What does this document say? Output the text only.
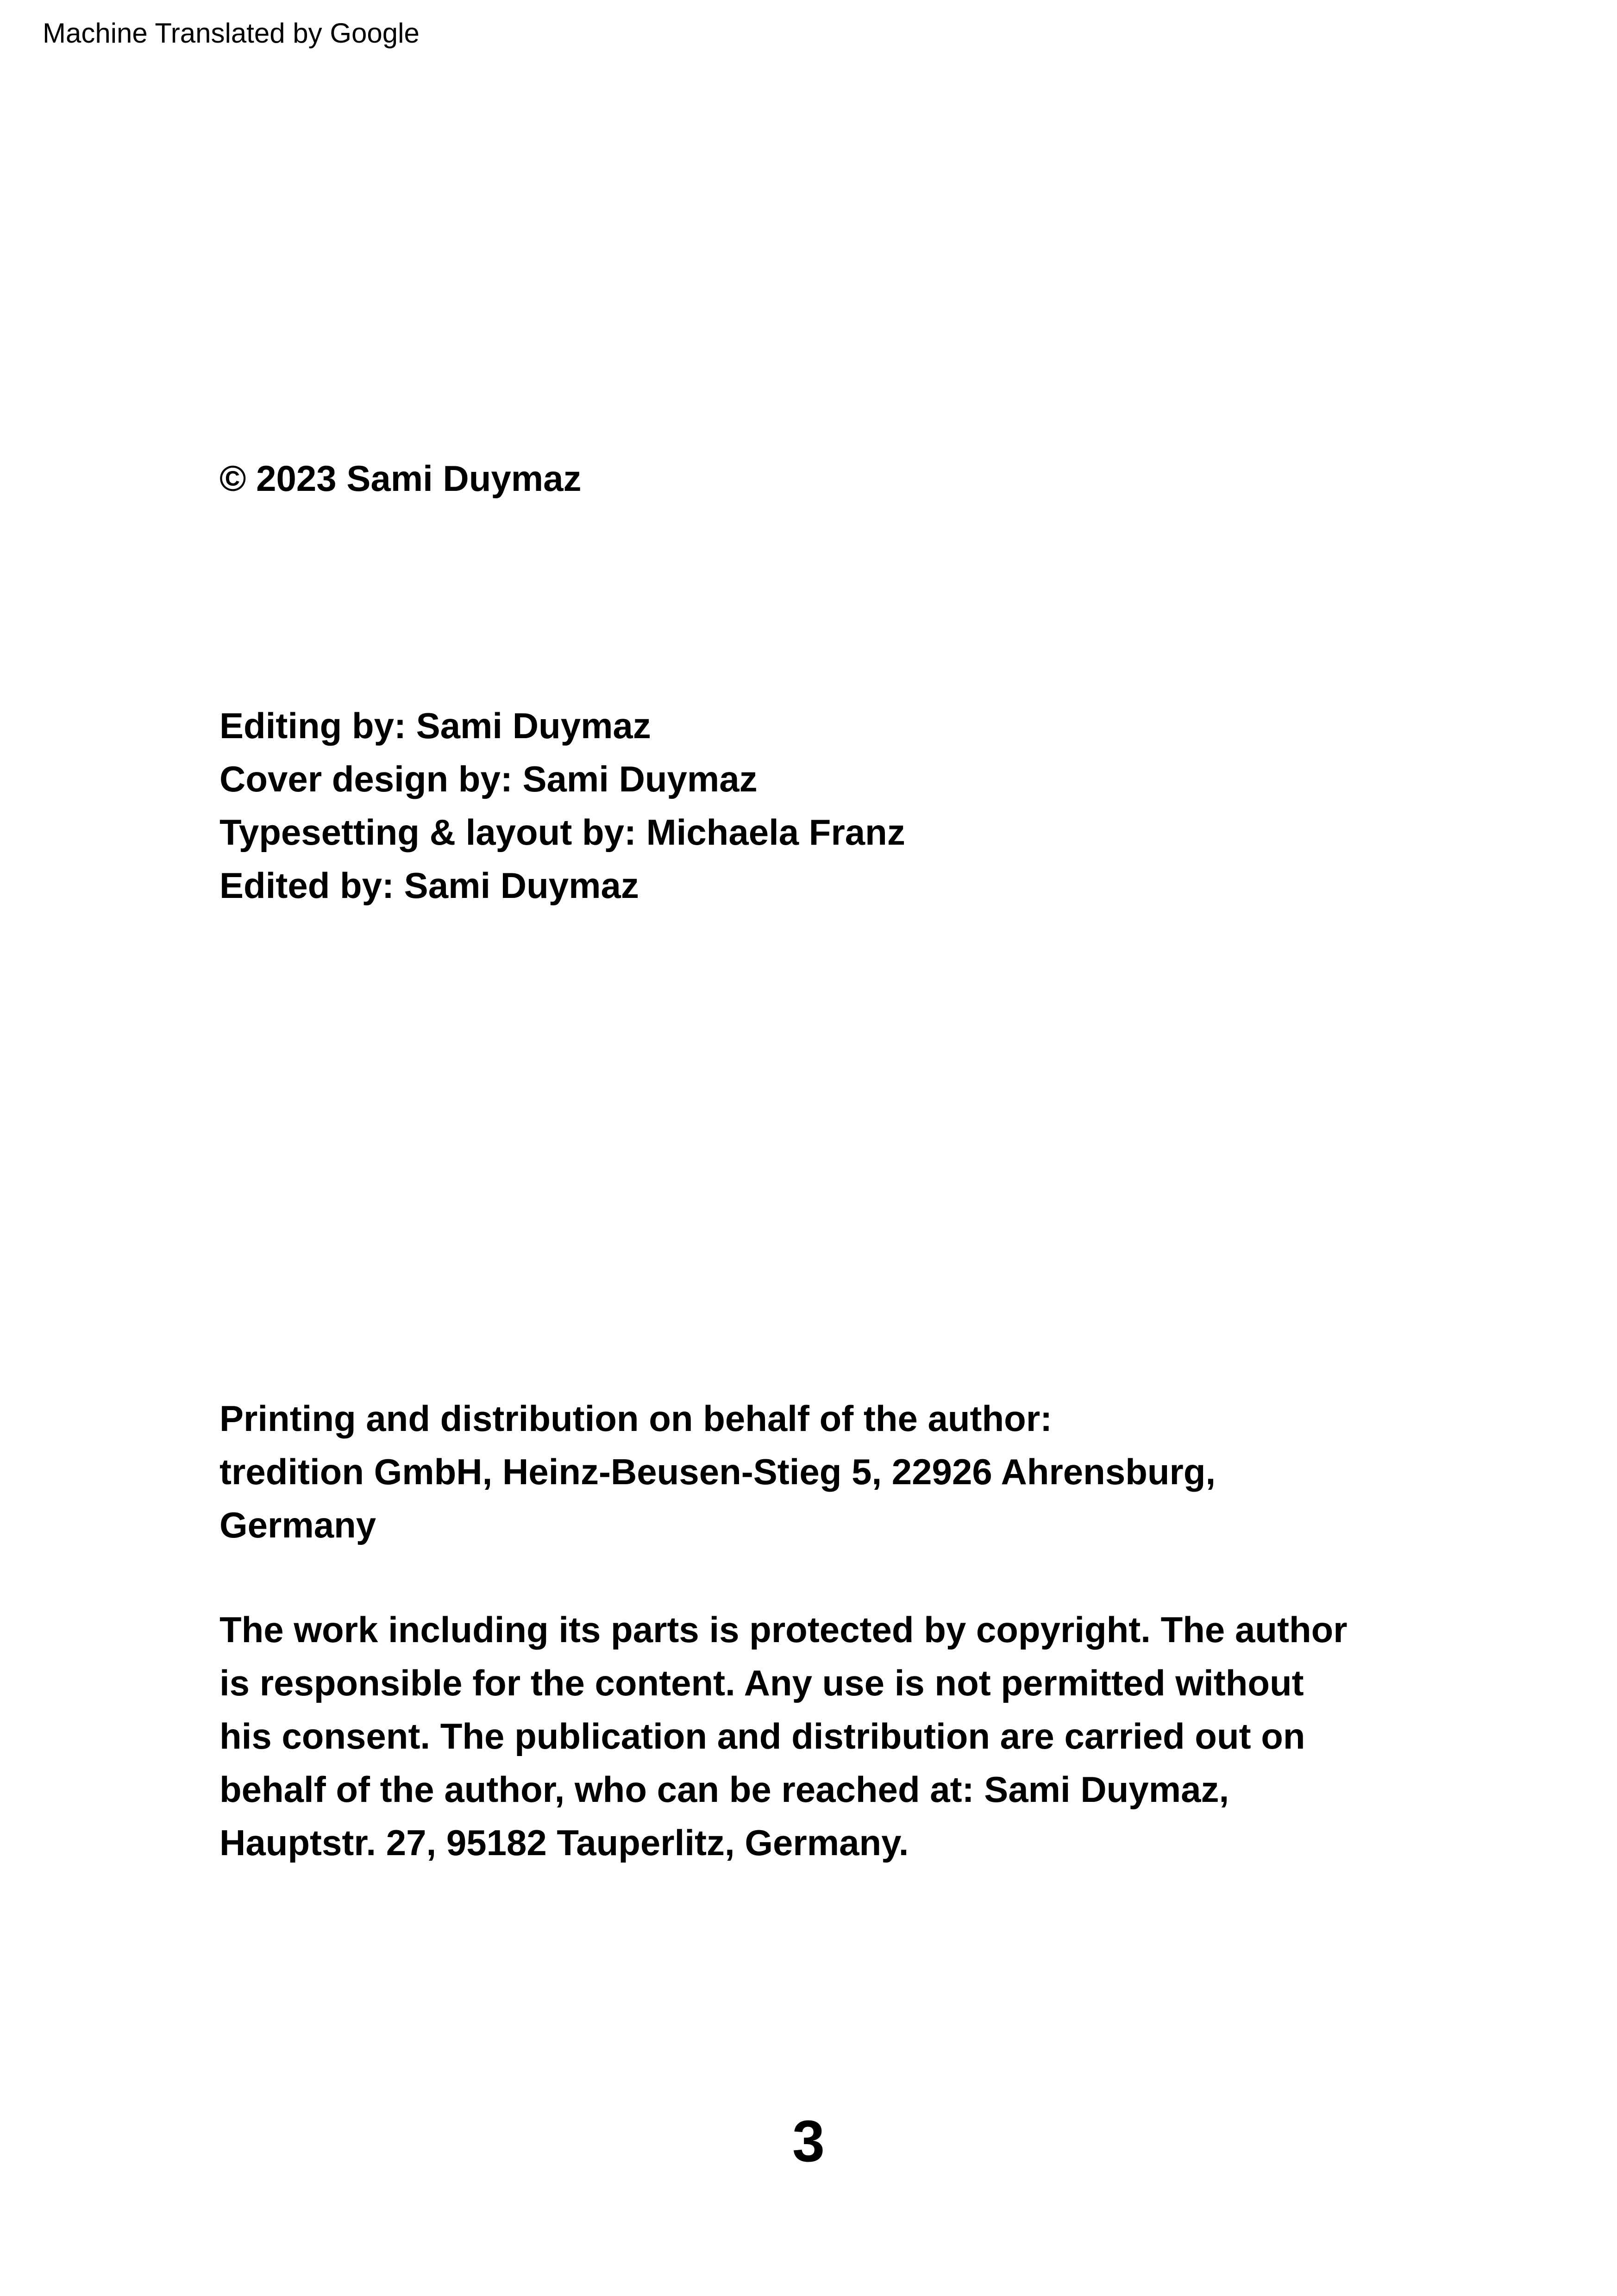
Machine Translated by Google
© 2023 Sami Duymaz
Editing by: Sami Duymaz
Cover design by: Sami Duymaz
Typesetting & layout by: Michaela Franz
Edited by: Sami Duymaz
Printing and distribution on behalf of the author:
tredition GmbH, Heinz-Beusen-Stieg 5, 22926 Ahrensburg,
Germany
The work including its parts is protected by copyright. The author
is responsible for the content. Any use is not permitted without
his consent. The publication and distribution are carried out on
behalf of the author, who can be reached at: Sami Duymaz,
Hauptstr. 27, 95182 Tauperlitz, Germany.
3
